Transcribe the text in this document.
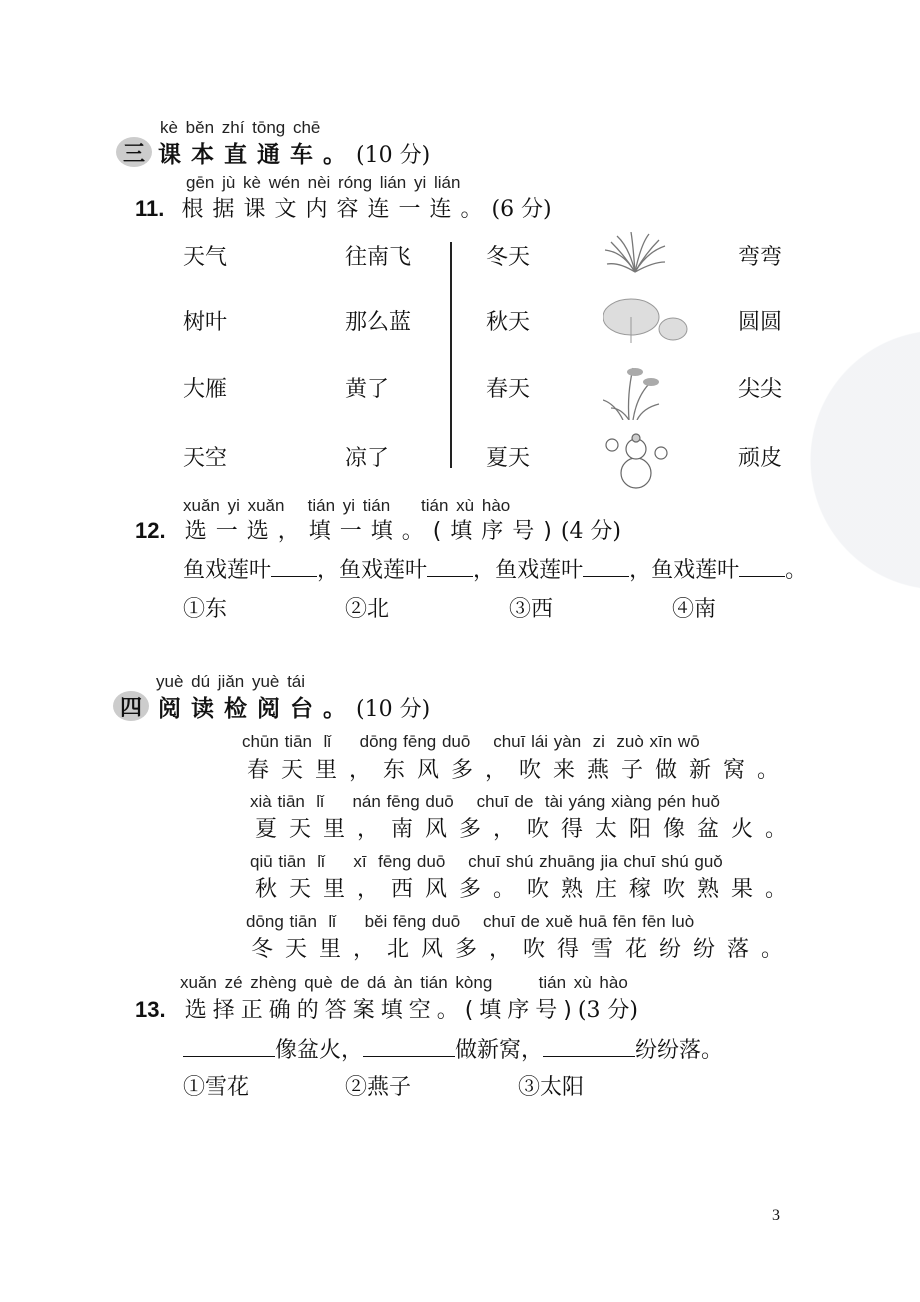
kè běn zhí tōng chē
三 课本直通车。(10 分)
gēn jù kè wén nèi róng lián yi lián
11. 根据课文内容连一连。(6 分)
天气	往南飞	冬天	弯弯
树叶	那么蓝	秋天	圆圆
大雁	黄了	春天	尖尖
天空	凉了	夏天	顽皮
xuǎn yi xuǎn   tián yi tián    tián xù hào
12. 选一选，填一填。(填序号)(4 分)
鱼戏莲叶 ，鱼戏莲叶 ，鱼戏莲叶 ，鱼戏莲叶 。
①东	②北	③西	④南
yuè dú jiǎn yuè tái
四 阅读检阅台。(10 分)
chūn tiān  lǐ     dōng fēng duō    chuī lái yàn  zi  zuò xīn wō
春天里，东风多，吹来燕子做新窝。
xià tiān  lǐ     nán fēng duō    chuī de  tài yáng xiàng pén huǒ
夏天里，南风多，吹得太阳像盆火。
qiū tiān  lǐ     xī  fēng duō    chuī shú zhuāng jia chuī shú guǒ
秋天里，西风多。吹熟庄稼吹熟果。
dōng tiān  lǐ     běi fēng duō    chuī de xuě huā fēn fēn luò
冬天里，北风多，吹得雪花纷纷落。
xuǎn zé zhèng què de dá àn tián kòng      tián xù hào
13. 选择正确的答案填空。(填序号)(3 分)
像盆火，	做新窝，	纷纷落。
①雪花	②燕子	③太阳
3
